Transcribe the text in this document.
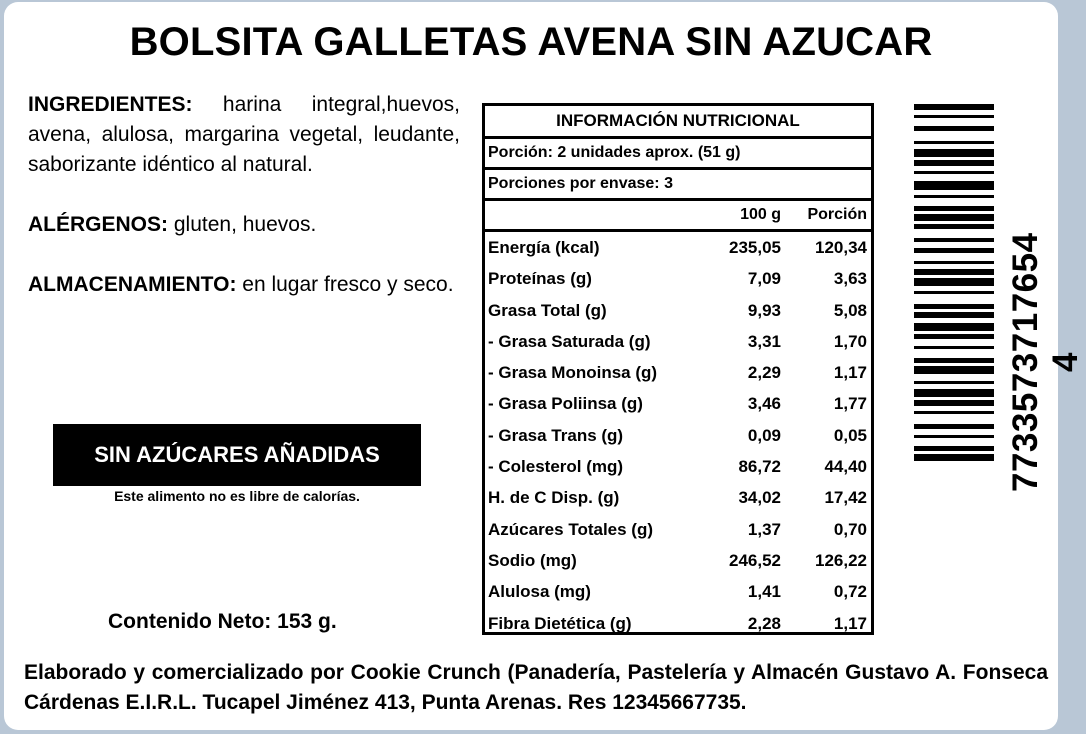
BOLSITA GALLETAS AVENA SIN AZUCAR

INGREDIENTES: harina integral,huevos, avena, alulosa, margarina vegetal, leudante, saborizante idéntico al natural.

ALÉRGENOS: gluten, huevos.

ALMACENAMIENTO: en lugar fresco y seco.

SIN AZÚCARES AÑADIDAS
Este alimento no es libre de calorías.
Contenido Neto: 153 g.
INFORMACIÓN NUTRICIONAL
Porción: 2 unidades aprox. (51 g)
Porciones por envase: 3
100 g	Porción
Energía (kcal)	235,05	120,34
Proteínas (g)	7,09	3,63
Grasa Total (g)	9,93	5,08
- Grasa Saturada (g)	3,31	1,70
- Grasa Monoinsa (g)	2,29	1,17
- Grasa Poliinsa (g)	3,46	1,77
- Grasa Trans (g)	0,09	0,05
- Colesterol (mg)	86,72	44,40
H. de C Disp. (g)	34,02	17,42
Azúcares Totales (g)	1,37	0,70
Sodio (mg)	246,52	126,22
Alulosa (mg)	1,41	0,72
Fibra Dietética (g)	2,28	1,17
7733573717654 4
Elaborado y comercializado por Cookie Crunch (Panadería, Pastelería y Almacén Gustavo A. Fonseca Cárdenas E.I.R.L. Tucapel Jiménez 413, Punta Arenas. Res 12345667735.
